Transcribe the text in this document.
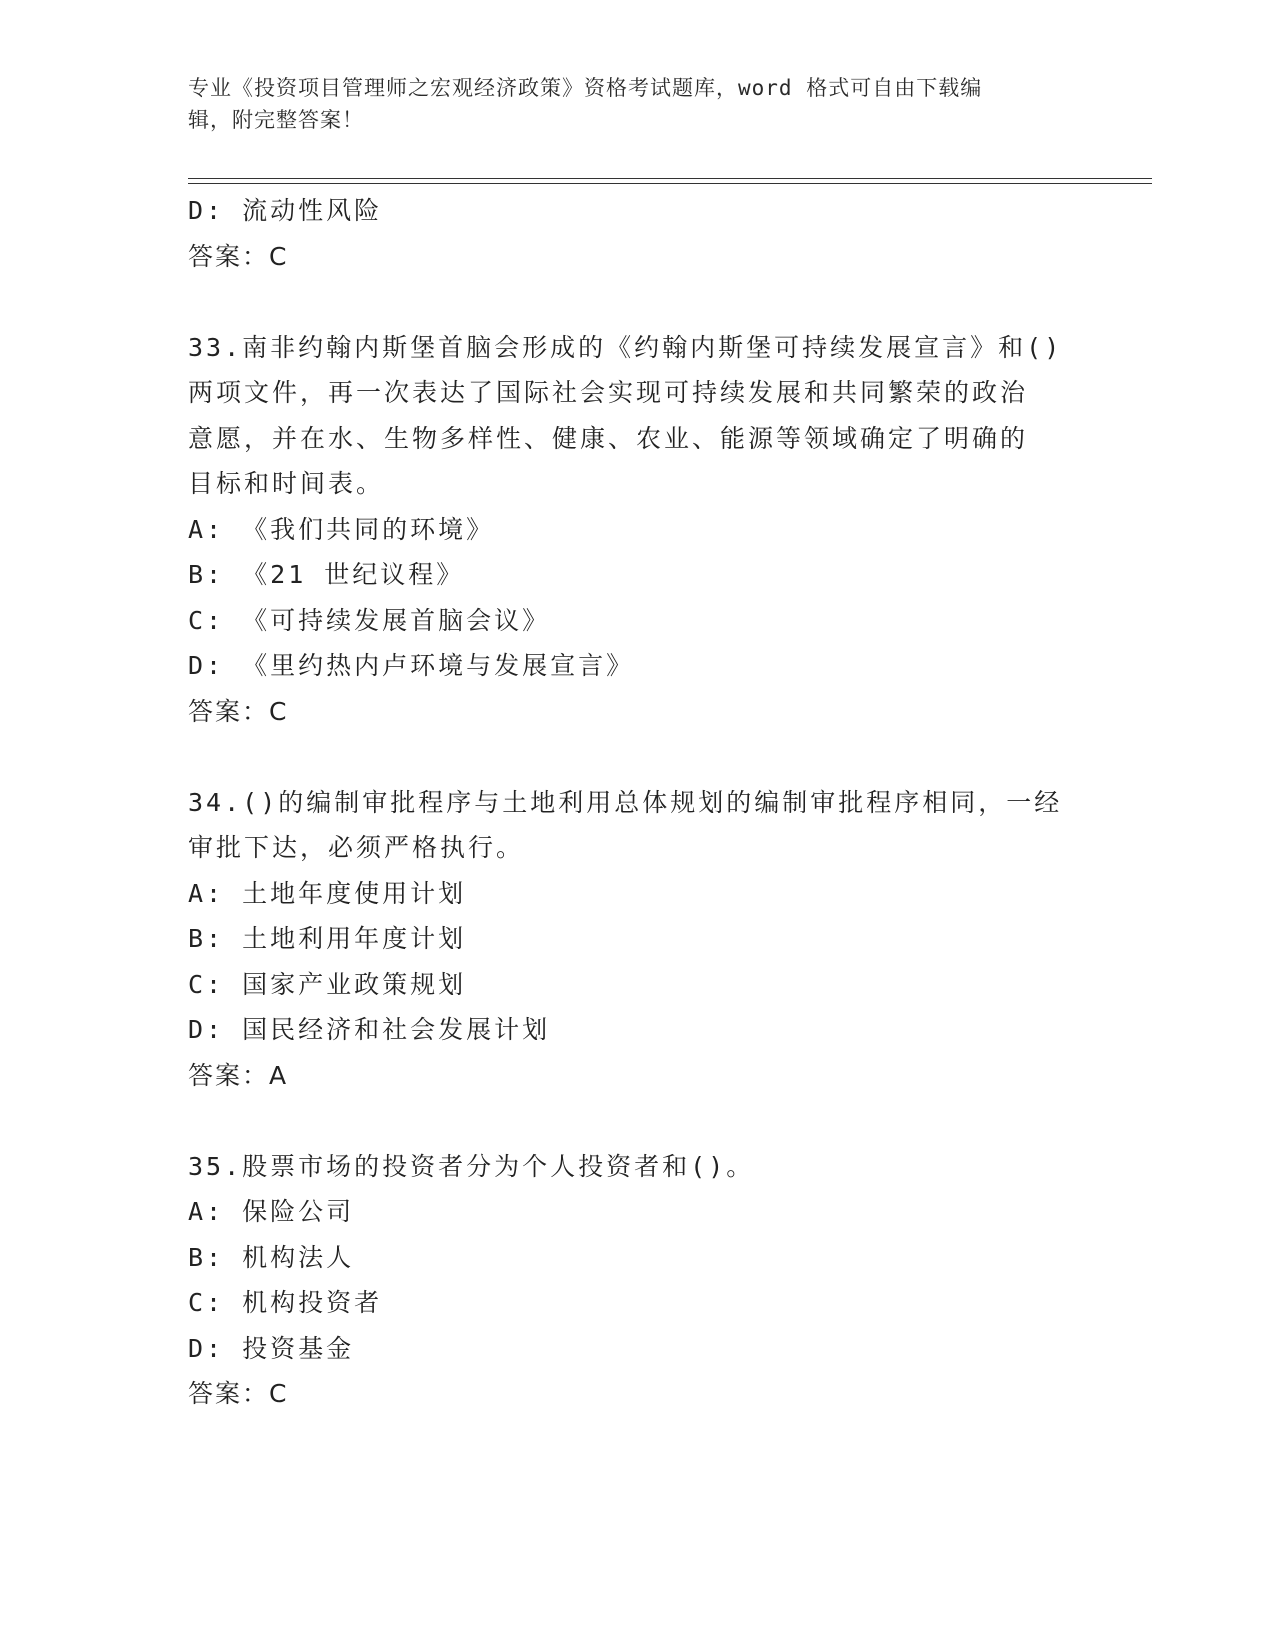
专业《投资项目管理师之宏观经济政策》资格考试题库，word 格式可自由下载编
辑，附完整答案！
D: 流动性风险
答案：C
33.南非约翰内斯堡首脑会形成的《约翰内斯堡可持续发展宣言》和()
两项文件，再一次表达了国际社会实现可持续发展和共同繁荣的政治
意愿，并在水、生物多样性、健康、农业、能源等领域确定了明确的
目标和时间表。
A: 《我们共同的环境》
B: 《21 世纪议程》
C: 《可持续发展首脑会议》
D: 《里约热内卢环境与发展宣言》
答案：C
34.()的编制审批程序与土地利用总体规划的编制审批程序相同，一经
审批下达，必须严格执行。
A: 土地年度使用计划
B: 土地利用年度计划
C: 国家产业政策规划
D: 国民经济和社会发展计划
答案：A
35.股票市场的投资者分为个人投资者和()。
A: 保险公司
B: 机构法人
C: 机构投资者
D: 投资基金
答案：C
